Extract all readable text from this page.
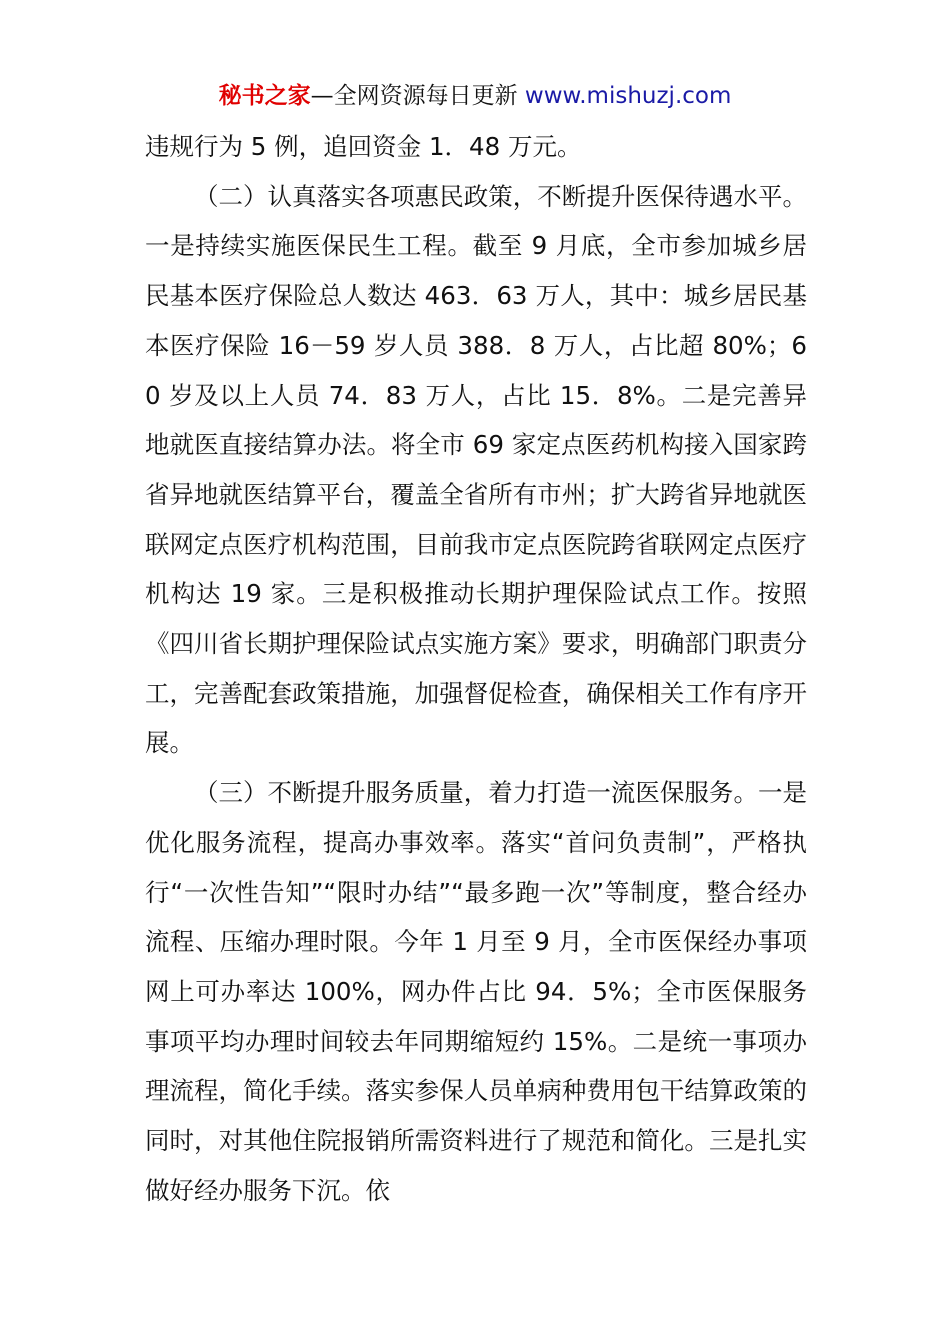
秘书之家—全网资源每日更新 www.mishuzj.com

违规行为 5 例，追回资金 1．48 万元。

（二）认真落实各项惠民政策，不断提升医保待遇水平。一是持续实施医保民生工程。截至 9 月底，全市参加城乡居民基本医疗保险总人数达 463．63 万人，其中：城乡居民基本医疗保险 16－59 岁人员 388．8 万人，占比超 80%；60 岁及以上人员 74．83 万人，占比 15．8%。二是完善异地就医直接结算办法。将全市 69 家定点医药机构接入国家跨省异地就医结算平台，覆盖全省所有市州；扩大跨省异地就医联网定点医疗机构范围，目前我市定点医院跨省联网定点医疗机构达 19 家。三是积极推动长期护理保险试点工作。按照《四川省长期护理保险试点实施方案》要求，明确部门职责分工，完善配套政策措施，加强督促检查，确保相关工作有序开展。

（三）不断提升服务质量，着力打造一流医保服务。一是优化服务流程，提高办事效率。落实“首问负责制”，严格执行“一次性告知”“限时办结”“最多跑一次”等制度，整合经办流程、压缩办理时限。今年 1 月至 9 月，全市医保经办事项网上可办率达 100%，网办件占比 94．5%；全市医保服务事项平均办理时间较去年同期缩短约 15%。二是统一事项办理流程，简化手续。落实参保人员单病种费用包干结算政策的同时，对其他住院报销所需资料进行了规范和简化。三是扎实做好经办服务下沉。依
